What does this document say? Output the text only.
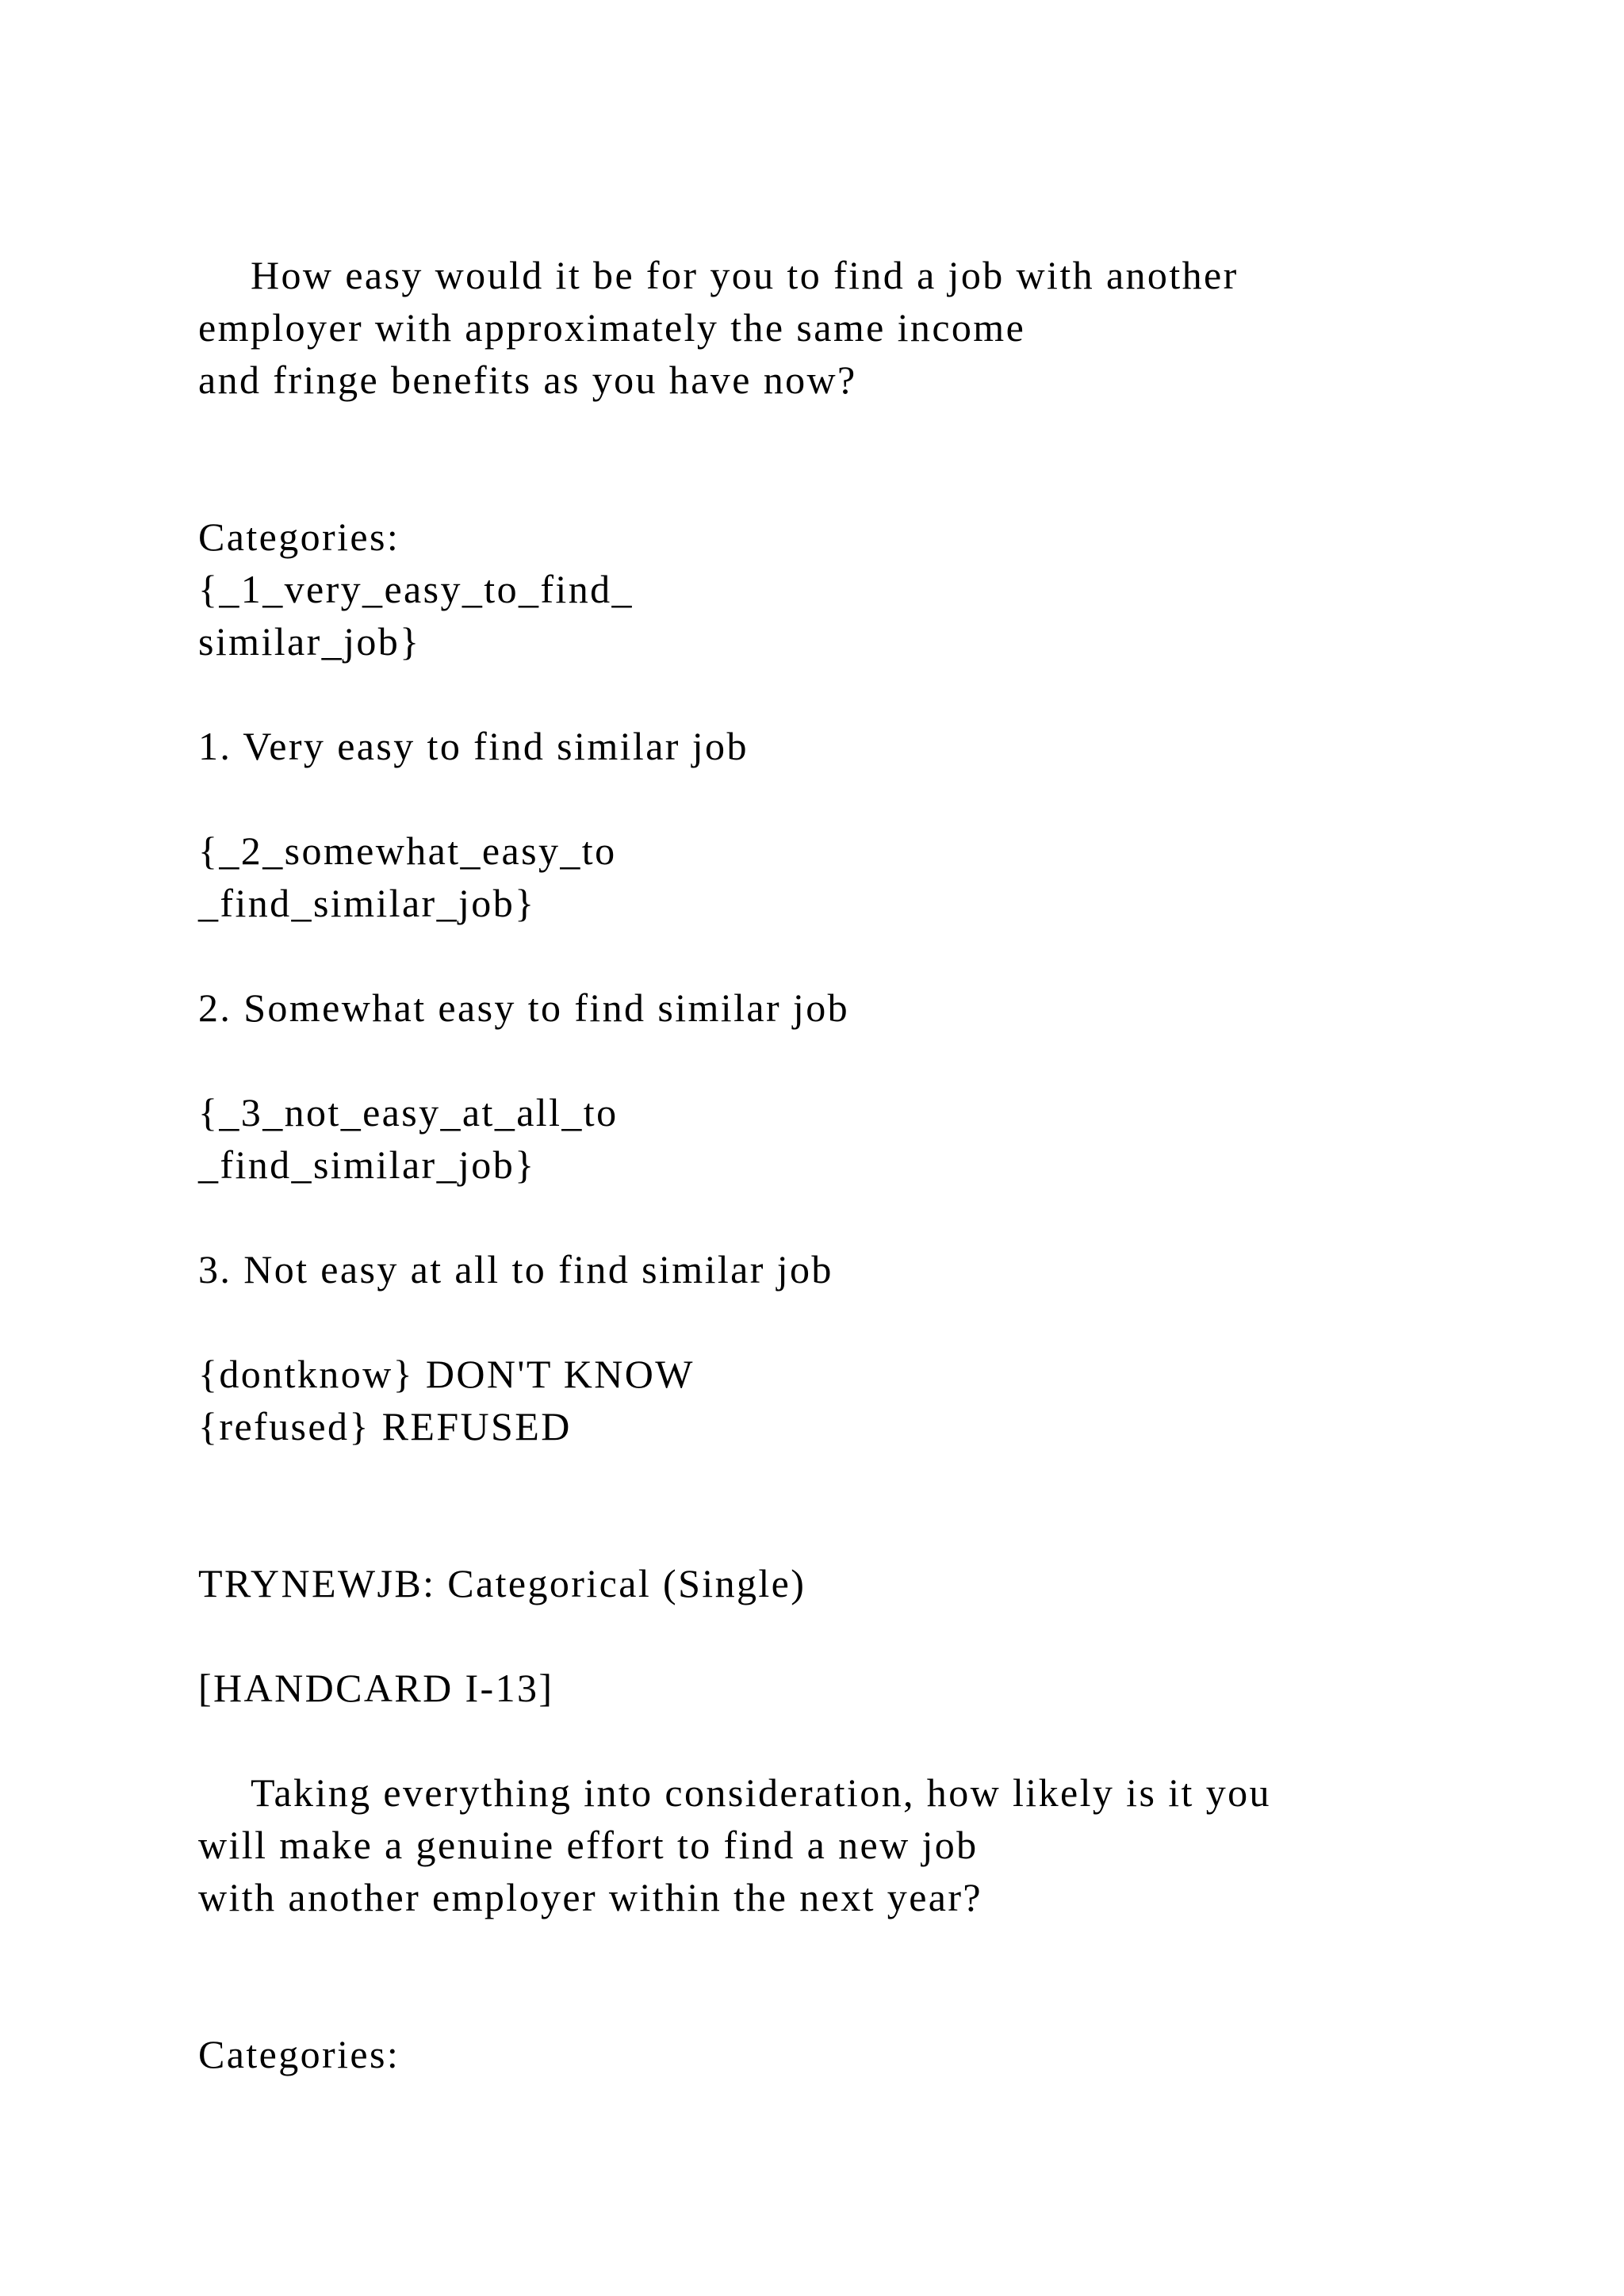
How easy would it be for you to find a job with another

employer with approximately the same income

and fringe benefits as you have now?

Categories:

{_1_very_easy_to_find_

similar_job}

1. Very easy to find similar job

{_2_somewhat_easy_to

_find_similar_job}

2. Somewhat easy to find similar job

{_3_not_easy_at_all_to

_find_similar_job}

3. Not easy at all to find similar job

{dontknow} DON'T KNOW

{refused} REFUSED

TRYNEWJB: Categorical (Single)

[HANDCARD I-13]

Taking everything into consideration, how likely is it you

will make a genuine effort to find a new job

with another employer within the next year?

Categories:
